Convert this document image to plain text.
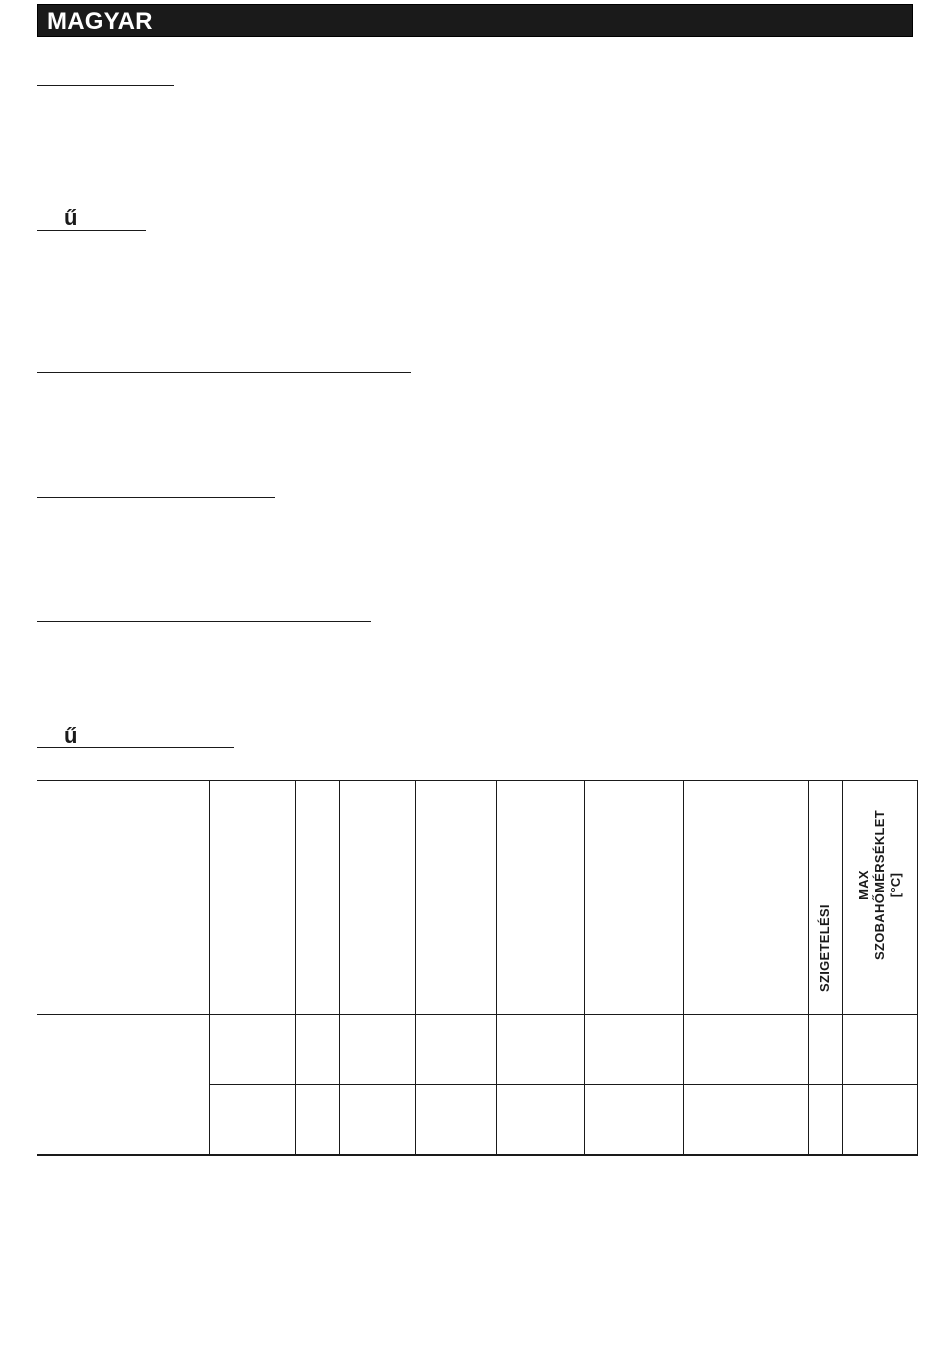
MAGYAR
ű
ű

								SZIGETELÉSI	MAX SZOBAHŐMÉRSÉKLET [°C]
